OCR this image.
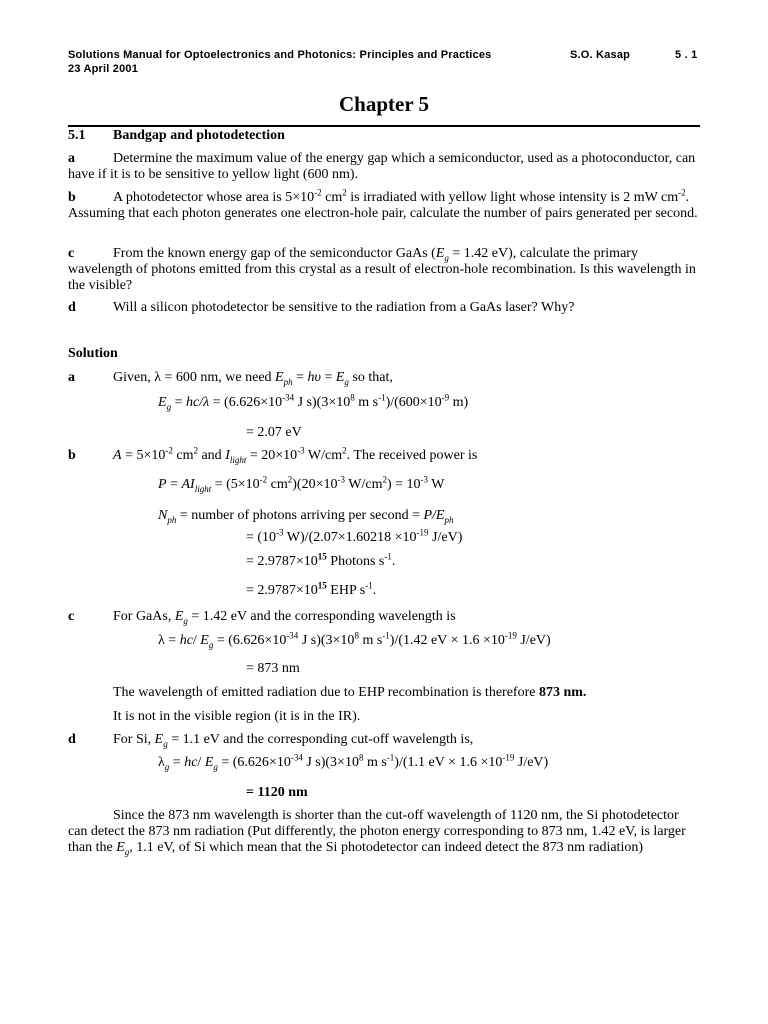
Solutions Manual for Optoelectronics and Photonics: Principles and Practices	S.O. Kasap	5 . 1
23 April 2001
Chapter 5
5.1 Bandgap and photodetection
a	Determine the maximum value of the energy gap which a semiconductor, used as a photoconductor, can have if it is to be sensitive to yellow light (600 nm).
b	A photodetector whose area is $5\times 10^{-2}$ $cm^2$ is irradiated with yellow light whose intensity is 2 mW $cm^{-2}$. Assuming that each photon generates one electron-hole pair, calculate the number of pairs generated per second.
c	From the known energy gap of the semiconductor GaAs ($E_g = 1.42$ eV), calculate the primary wavelength of photons emitted from this crystal as a result of electron-hole recombination. Is this wavelength in the visible?
d	Will a silicon photodetector be sensitive to the radiation from a GaAs laser? Why?
Solution
a	Given, λ = 600 nm, we need $E_{ph} = h\upsilon = E_g$ so that,
$E_g = hc/\lambda = (6.626\times 10^{-34}$ J $s)(3\times 10^8$ m $s^{-1})/(600\times 10^{-9}$ m)
= 2.07 eV
b	$A = 5\times 10^{-2}$ $cm^2$ and $I_{light} = 20\times 10^{-3}$ $W/cm^2$. The received power is
$P = AI_{light} = (5\times 10^{-2}$ $cm^2)(20\times 10^{-3}$ $W/cm^2) = 10^{-3}$ W
$N_{ph}$ = number of photons arriving per second = $P/E_{ph}$
= ($10^{-3}$ $W)/(2.07\times 1.60218 \times 10^{-19}$ J/eV)
= $2.9787\times 10^{15}$ Photons $s^{-1}$.
= $2.9787\times 10^{15}$ EHP $s^{-1}$.
c	For GaAs, $E_g = 1.42$ eV and the corresponding wavelength is
λ = hc/ $E_g = (6.626\times 10^{-34}$ J $s)(3\times 10^8$ m $s^{-1})/(1.42$ eV × $1.6 \times 10^{-19}$ J/eV)
= 873 nm
The wavelength of emitted radiation due to EHP recombination is therefore 873 nm.
It is not in the visible region (it is in the IR).
d	For Si, $E_g = 1.1$ eV and the corresponding cut-off wavelength is,
$\lambda_g = hc/$ $E_g = (6.626\times 10^{-34}$ J $s)(3\times 10^8$ m $s^{-1})/(1.1$ eV × $1.6 \times 10^{-19}$ J/eV)
= 1120 nm
Since the 873 nm wavelength is shorter than the cut-off wavelength of 1120 nm, the Si photodetector can detect the 873 nm radiation (Put differently, the photon energy corresponding to 873 nm, 1.42 eV, is larger than the $E_g$, 1.1 eV, of Si which mean that the Si photodetector can indeed detect the 873 nm radiation)
